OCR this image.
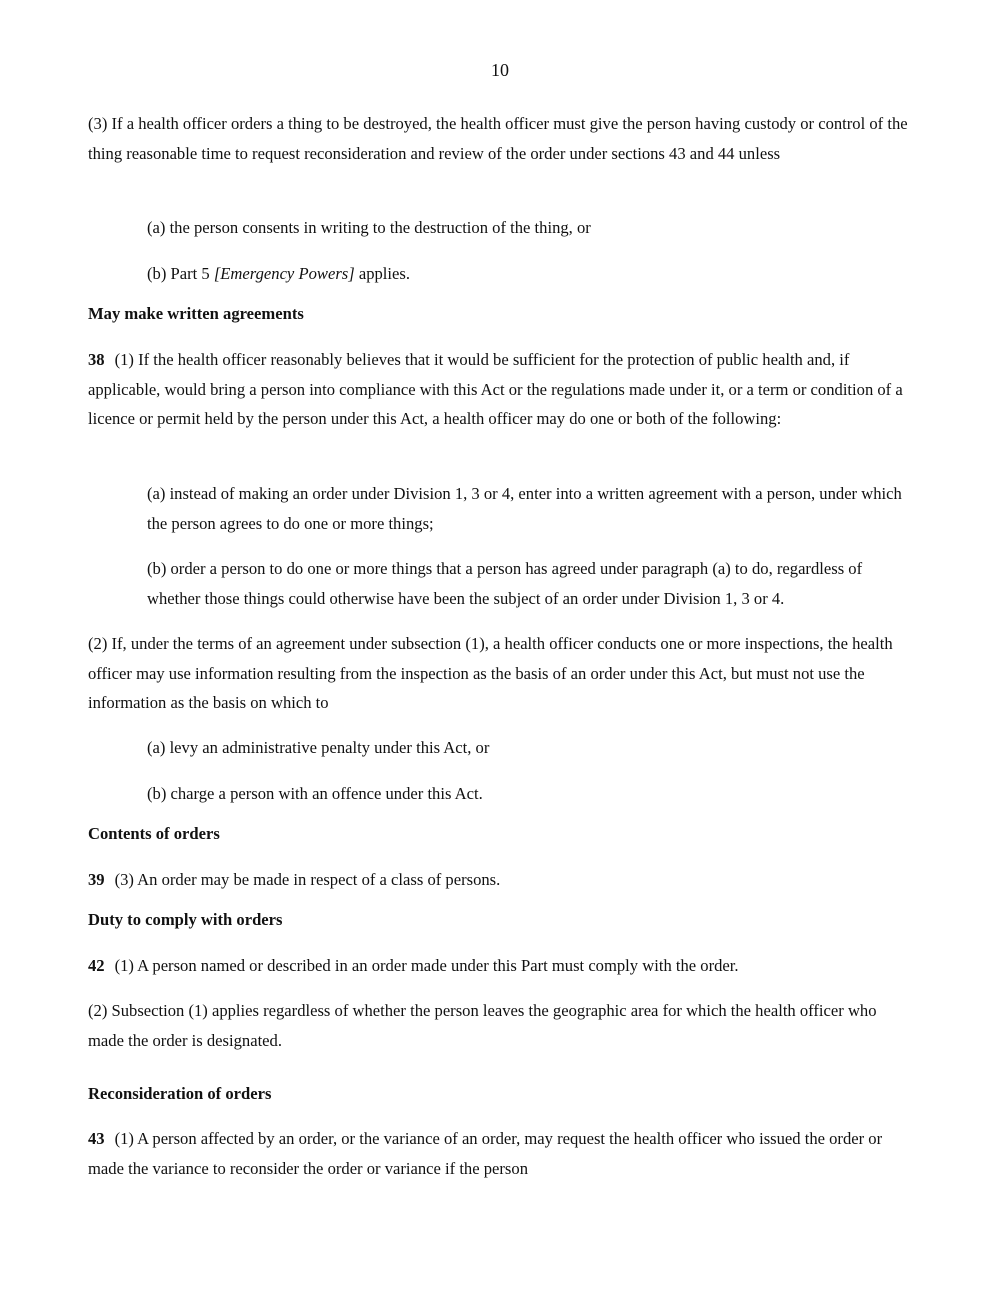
10

(3) If a health officer orders a thing to be destroyed, the health officer must give the person having custody or control of the thing reasonable time to request reconsideration and review of the order under sections 43 and 44 unless

(a) the person consents in writing to the destruction of the thing, or

(b) Part 5 [Emergency Powers] applies.

May make written agreements

38 (1) If the health officer reasonably believes that it would be sufficient for the protection of public health and, if applicable, would bring a person into compliance with this Act or the regulations made under it, or a term or condition of a licence or permit held by the person under this Act, a health officer may do one or both of the following:

(a) instead of making an order under Division 1, 3 or 4, enter into a written agreement with a person, under which the person agrees to do one or more things;

(b) order a person to do one or more things that a person has agreed under paragraph (a) to do, regardless of whether those things could otherwise have been the subject of an order under Division 1, 3 or 4.

(2) If, under the terms of an agreement under subsection (1), a health officer conducts one or more inspections, the health officer may use information resulting from the inspection as the basis of an order under this Act, but must not use the information as the basis on which to

(a) levy an administrative penalty under this Act, or

(b) charge a person with an offence under this Act.

Contents of orders

39 (3) An order may be made in respect of a class of persons.

Duty to comply with orders

42 (1) A person named or described in an order made under this Part must comply with the order.

(2) Subsection (1) applies regardless of whether the person leaves the geographic area for which the health officer who made the order is designated.

Reconsideration of orders

43 (1) A person affected by an order, or the variance of an order, may request the health officer who issued the order or made the variance to reconsider the order or variance if the person
